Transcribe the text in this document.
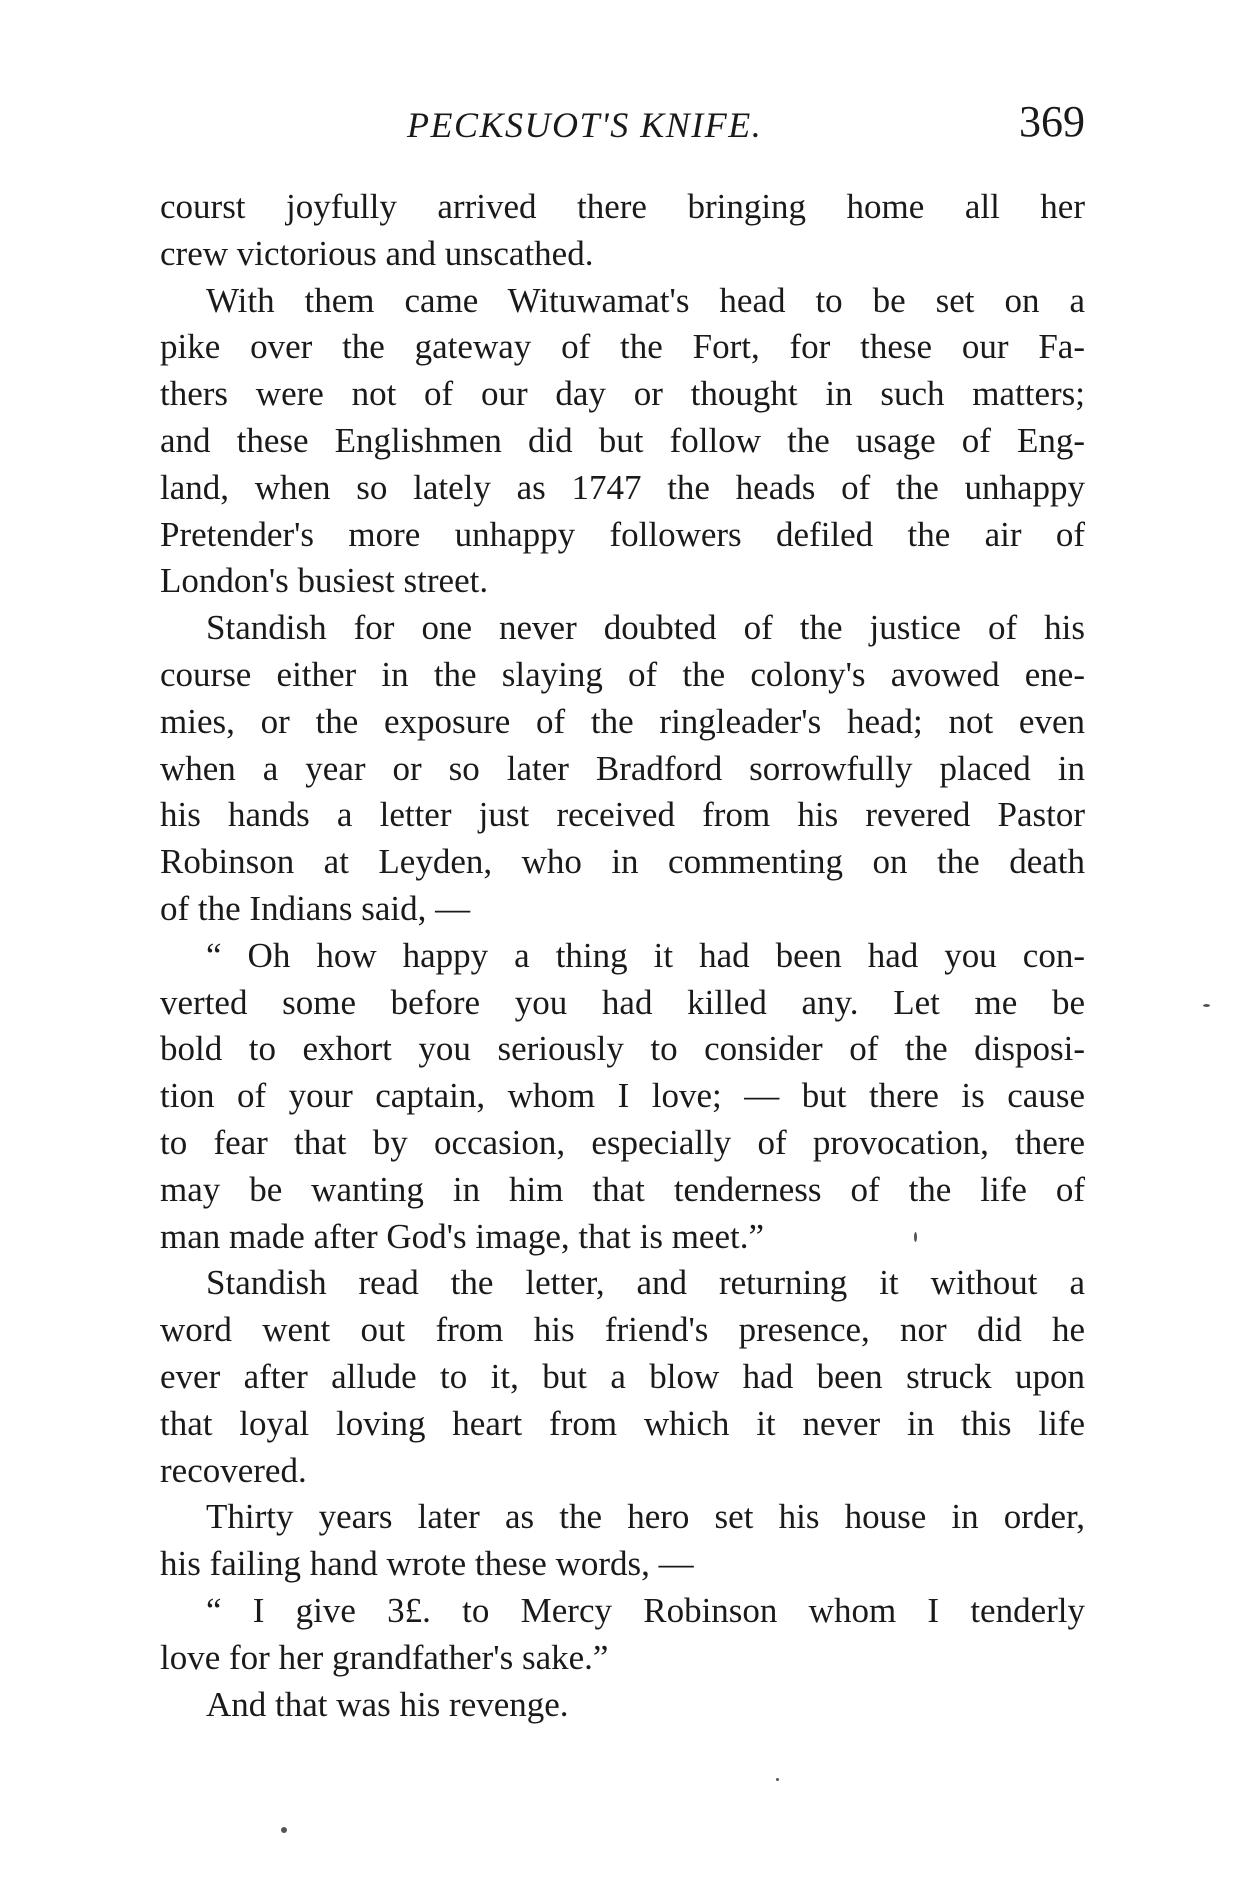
PECKSUOT'S KNIFE.	369
courst joyfully arrived there bringing home all her
crew victorious and unscathed.
With them came Wituwamat's head to be set on a
pike over the gateway of the Fort, for these our Fa-
thers were not of our day or thought in such matters;
and these Englishmen did but follow the usage of Eng-
land, when so lately as 1747 the heads of the unhappy
Pretender's more unhappy followers defiled the air of
London's busiest street.
Standish for one never doubted of the justice of his
course either in the slaying of the colony's avowed ene-
mies, or the exposure of the ringleader's head; not even
when a year or so later Bradford sorrowfully placed in
his hands a letter just received from his revered Pastor
Robinson at Leyden, who in commenting on the death
of the Indians said, —
“ Oh how happy a thing it had been had you con-
verted some before you had killed any. Let me be
bold to exhort you seriously to consider of the disposi-
tion of your captain, whom I love; — but there is cause
to fear that by occasion, especially of provocation, there
may be wanting in him that tenderness of the life of
man made after God's image, that is meet.”
Standish read the letter, and returning it without a
word went out from his friend's presence, nor did he
ever after allude to it, but a blow had been struck upon
that loyal loving heart from which it never in this life
recovered.
Thirty years later as the hero set his house in order,
his failing hand wrote these words, —
“ I give 3£. to Mercy Robinson whom I tenderly
love for her grandfather's sake.”
And that was his revenge.
